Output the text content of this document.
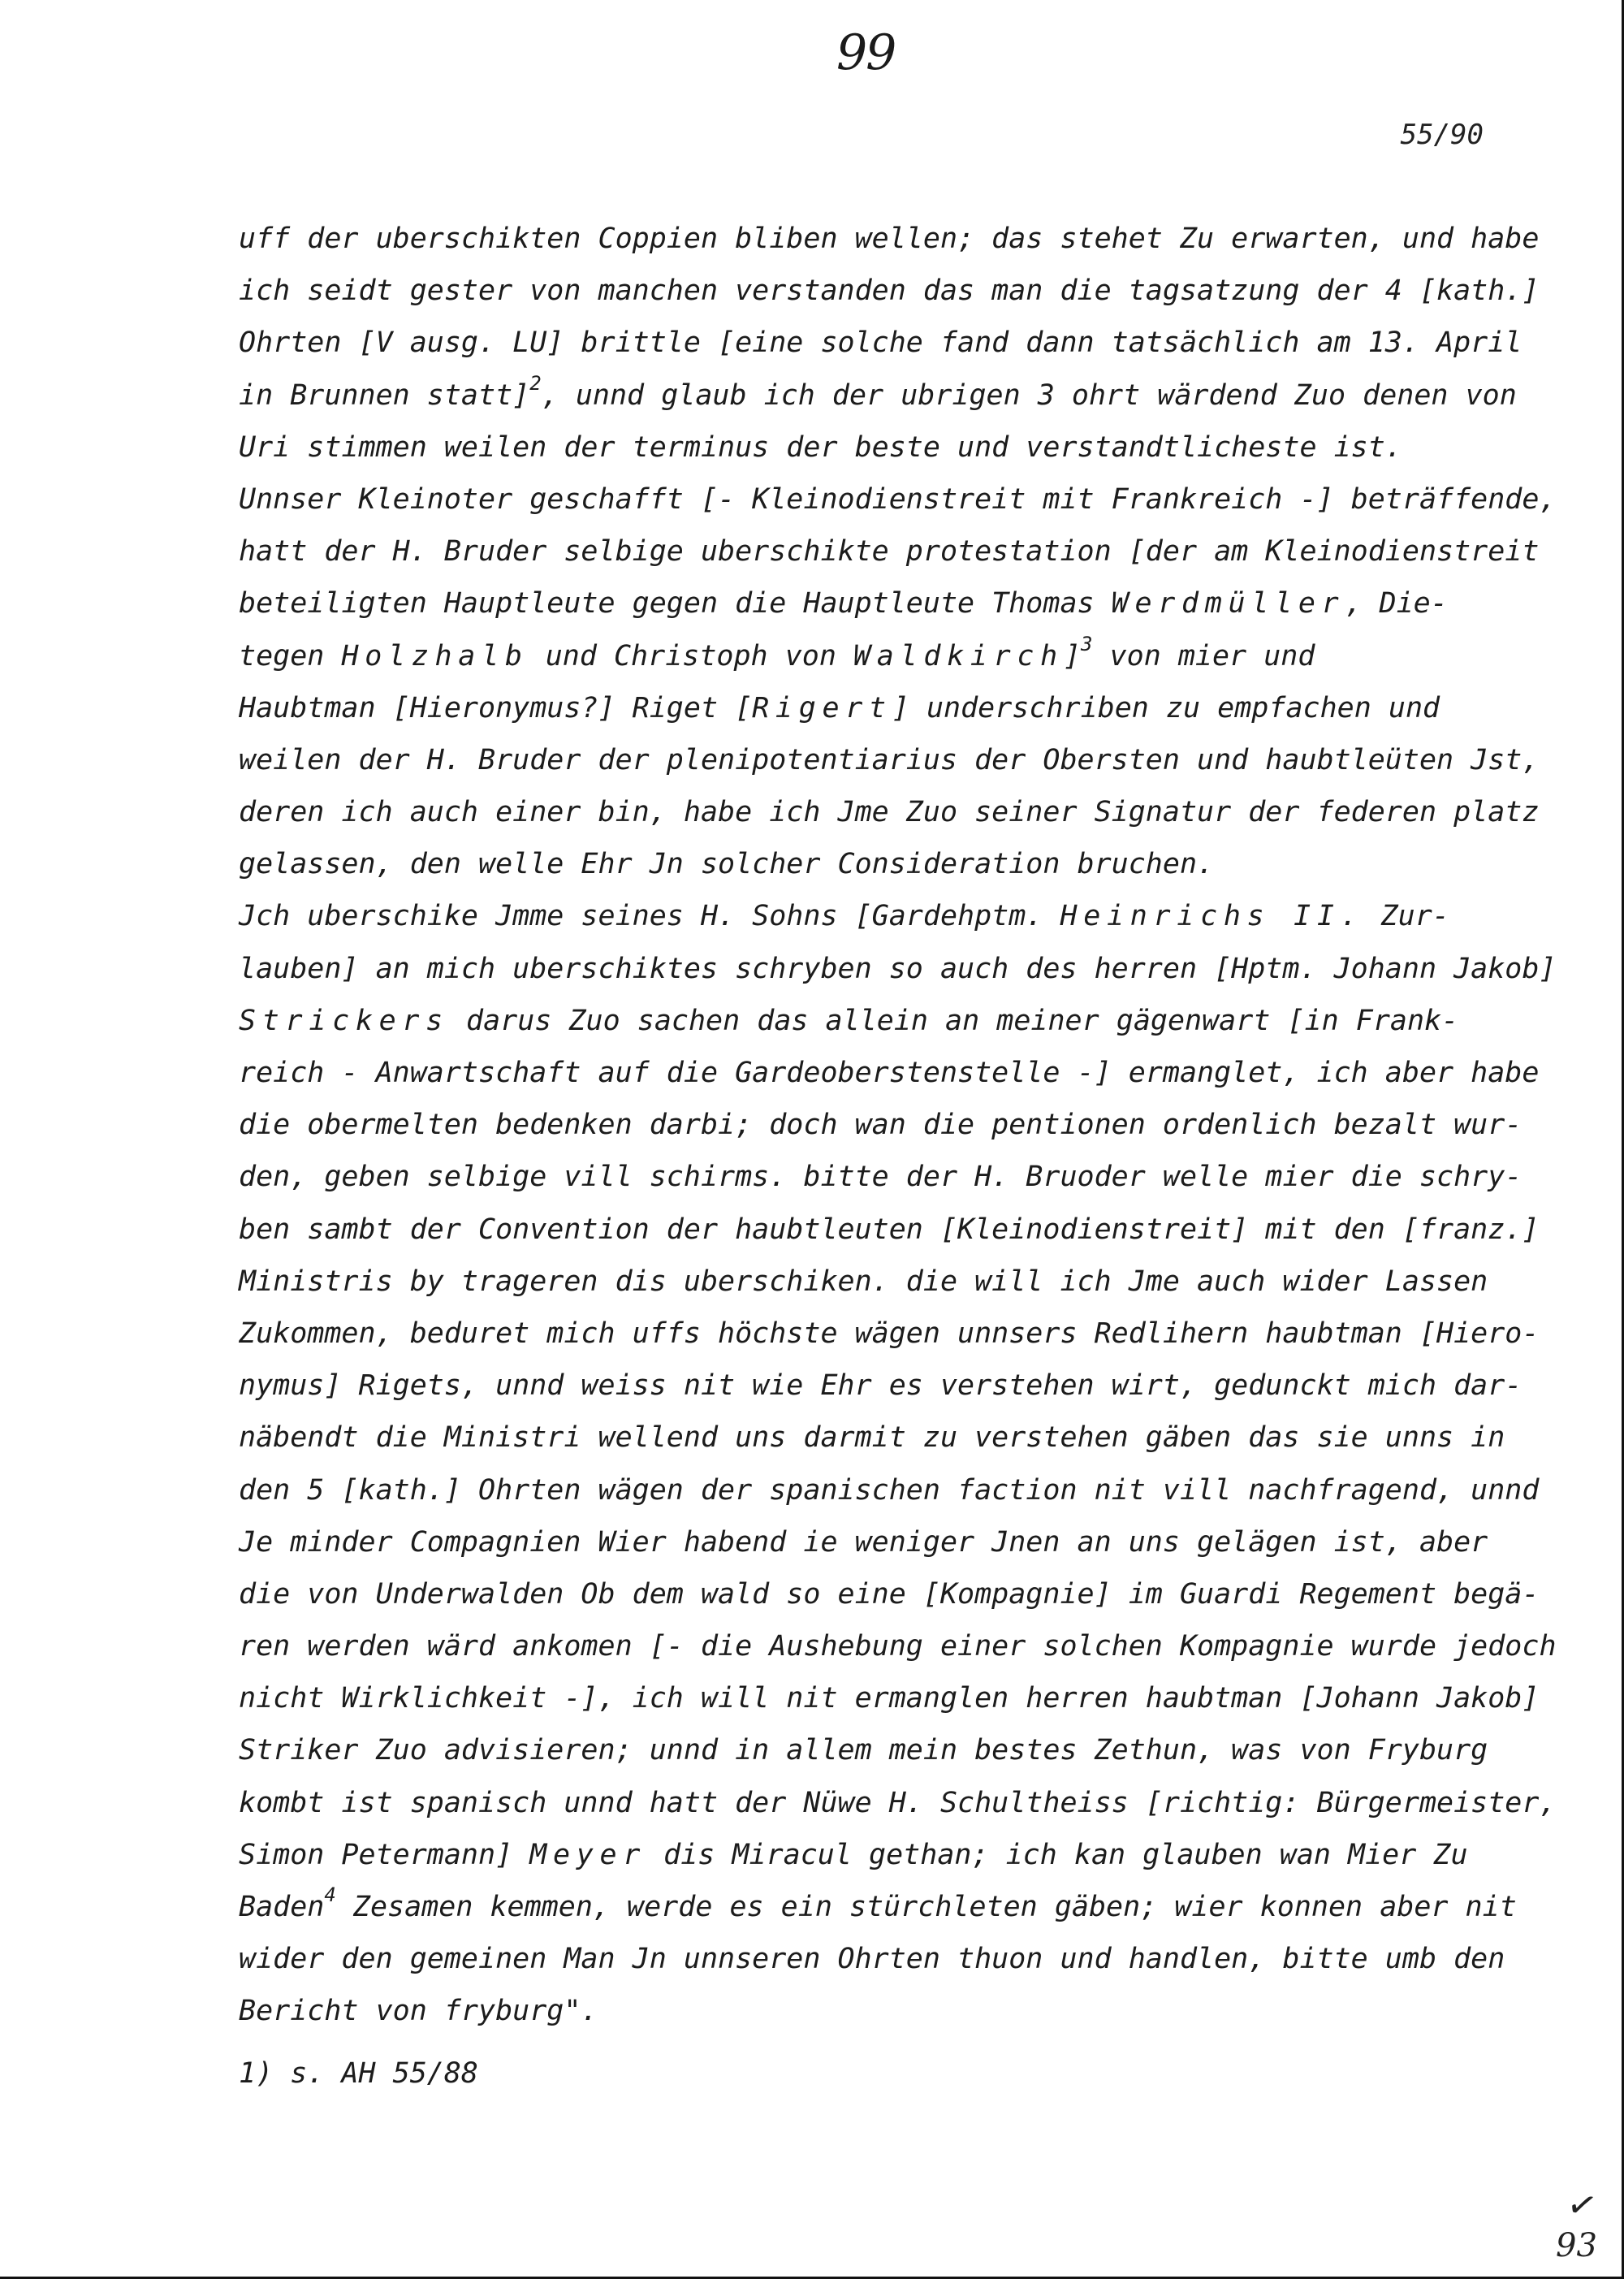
99
55/90
uff der uberschikten Coppien bliben wellen; das stehet Zu erwarten, und habe
ich seidt gester von manchen verstanden das man die tagsatzung der 4 [kath.]
Ohrten [V ausg. LU] brittle [eine solche fand dann tatsächlich am 13. April
in Brunnen statt]$^2$, unnd glaub ich der ubrigen 3 ohrt wärdend Zuo denen von
Uri stimmen weilen der terminus der beste und verstandtlicheste ist.
Unnser Kleinoter geschafft [- Kleinodienstreit mit Frankreich -] beträffende,
hatt der H. Bruder selbige uberschikte protestation [der am Kleinodienstreit
beteiligten Hauptleute gegen die Hauptleute Thomas Werdmüller, Die-
tegen Holzhalb und Christoph von Waldkirch]$^3$ von mier und
Haubtman [Hieronymus?] Riget [Rigert] underschriben zu empfachen und
weilen der H. Bruder der plenipotentiarius der Obersten und haubtleüten Jst,
deren ich auch einer bin, habe ich Jme Zuo seiner Signatur der federen platz
gelassen, den welle Ehr Jn solcher Consideration bruchen.
Jch uberschike Jmme seines H. Sohns [Gardehptm. Heinrichs II. Zur-
lauben] an mich uberschiktes schryben so auch des herren [Hptm. Johann Jakob]
Strickers darus Zuo sachen das allein an meiner gägenwart [in Frank-
reich - Anwartschaft auf die Gardeoberstenstelle -] ermanglet, ich aber habe
die obermelten bedenken darbi; doch wan die pentionen ordenlich bezalt wur-
den, geben selbige vill schirms. bitte der H. Bruoder welle mier die schry-
ben sambt der Convention der haubtleuten [Kleinodienstreit] mit den [franz.]
Ministris by trageren dis uberschiken. die will ich Jme auch wider Lassen
Zukommen, beduret mich uffs höchste wägen unnsers Redlihern haubtman [Hiero-
nymus] Rigets, unnd weiss nit wie Ehr es verstehen wirt, gedunckt mich dar-
näbendt die Ministri wellend uns darmit zu verstehen gäben das sie unns in
den 5 [kath.] Ohrten wägen der spanischen faction nit vill nachfragend, unnd
Je minder Compagnien Wier habend ie weniger Jnen an uns gelägen ist, aber
die von Underwalden Ob dem wald so eine [Kompagnie] im Guardi Regement begä-
ren werden wärd ankomen [- die Aushebung einer solchen Kompagnie wurde jedoch
nicht Wirklichkeit -], ich will nit ermanglen herren haubtman [Johann Jakob]
Striker Zuo advisieren; unnd in allem mein bestes Zethun, was von Fryburg
kombt ist spanisch unnd hatt der Nüwe H. Schultheiss [richtig: Bürgermeister,
Simon Petermann] Meyer dis Miracul gethan; ich kan glauben wan Mier Zu
Baden$^4$ Zesamen kemmen, werde es ein stürchleten gäben; wier konnen aber nit
wider den gemeinen Man Jn unnseren Ohrten thuon und handlen, bitte umb den
Bericht von fryburg".
1) s. AH 55/88
✓
93
